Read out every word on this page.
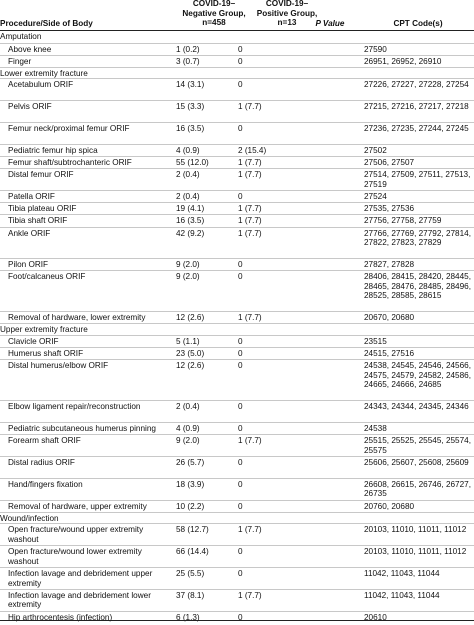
Procedure/Side of Body
COVID-19–
Negative Group,
n=458
COVID-19–
Positive Group,
n=13	P Value	CPT Code(s)
Amputation
Above knee	1 (0.2)	0	27590
Finger	3 (0.7)	0	26951, 26952, 26910
Lower extremity fracture
Acetabulum ORIF	14 (3.1)	0	27226, 27227, 27228, 27254
Pelvis ORIF	15 (3.3)	1 (7.7)	27215, 27216, 27217, 27218
Femur neck/proximal femur ORIF	16 (3.5)	0	27236, 27235, 27244, 27245
Pediatric femur hip spica	4 (0.9)	2 (15.4)	27502
Femur shaft/subtrochanteric ORIF	55 (12.0)	1 (7.7)	27506, 27507
Distal femur ORIF	2 (0.4)	1 (7.7)	27514, 27509, 27511, 27513, 27519
Patella ORIF	2 (0.4)	0	27524
Tibia plateau ORIF	19 (4.1)	1 (7.7)	27535, 27536
Tibia shaft ORIF	16 (3.5)	1 (7.7)	27756, 27758, 27759
Ankle ORIF	42 (9.2)	1 (7.7)	27766, 27769, 27792, 27814, 27822, 27823, 27829
Pilon ORIF	9 (2.0)	0	27827, 27828
Foot/calcaneus ORIF	9 (2.0)	0	28406, 28415, 28420, 28445, 28465, 28476, 28485, 28496, 28525, 28585, 28615
Removal of hardware, lower extremity	12 (2.6)	1 (7.7)	20670, 20680
Upper extremity fracture
Clavicle ORIF	5 (1.1)	0	23515
Humerus shaft ORIF	23 (5.0)	0	24515, 27516
Distal humerus/elbow ORIF	12 (2.6)	0	24538, 24545, 24546, 24566, 24575, 24579, 24582, 24586, 24665, 24666, 24685
Elbow ligament repair/reconstruction	2 (0.4)	0	24343, 24344, 24345, 24346
Pediatric subcutaneous humerus pinning	4 (0.9)	0	24538
Forearm shaft ORIF	9 (2.0)	1 (7.7)	25515, 25525, 25545, 25574, 25575
Distal radius ORIF	26 (5.7)	0	25606, 25607, 25608, 25609
Hand/fingers fixation	18 (3.9)	0	26608, 26615, 26746, 26727, 26735
Removal of hardware, upper extremity	10 (2.2)	0	20760, 20680
Wound/infection
Open fracture/wound upper extremity washout
58 (12.7)	1 (7.7)	20103, 11010, 11011, 11012
Open fracture/wound lower extremity washout
66 (14.4)	0	20103, 11010, 11011, 11012
Infection lavage and debridement upper extremity
25 (5.5)	0	11042, 11043, 11044
Infection lavage and debridement lower extremity
37 (8.1)	1 (7.7)	11042, 11043, 11044
Hip arthrocentesis (infection)	6 (1.3)	0	20610
